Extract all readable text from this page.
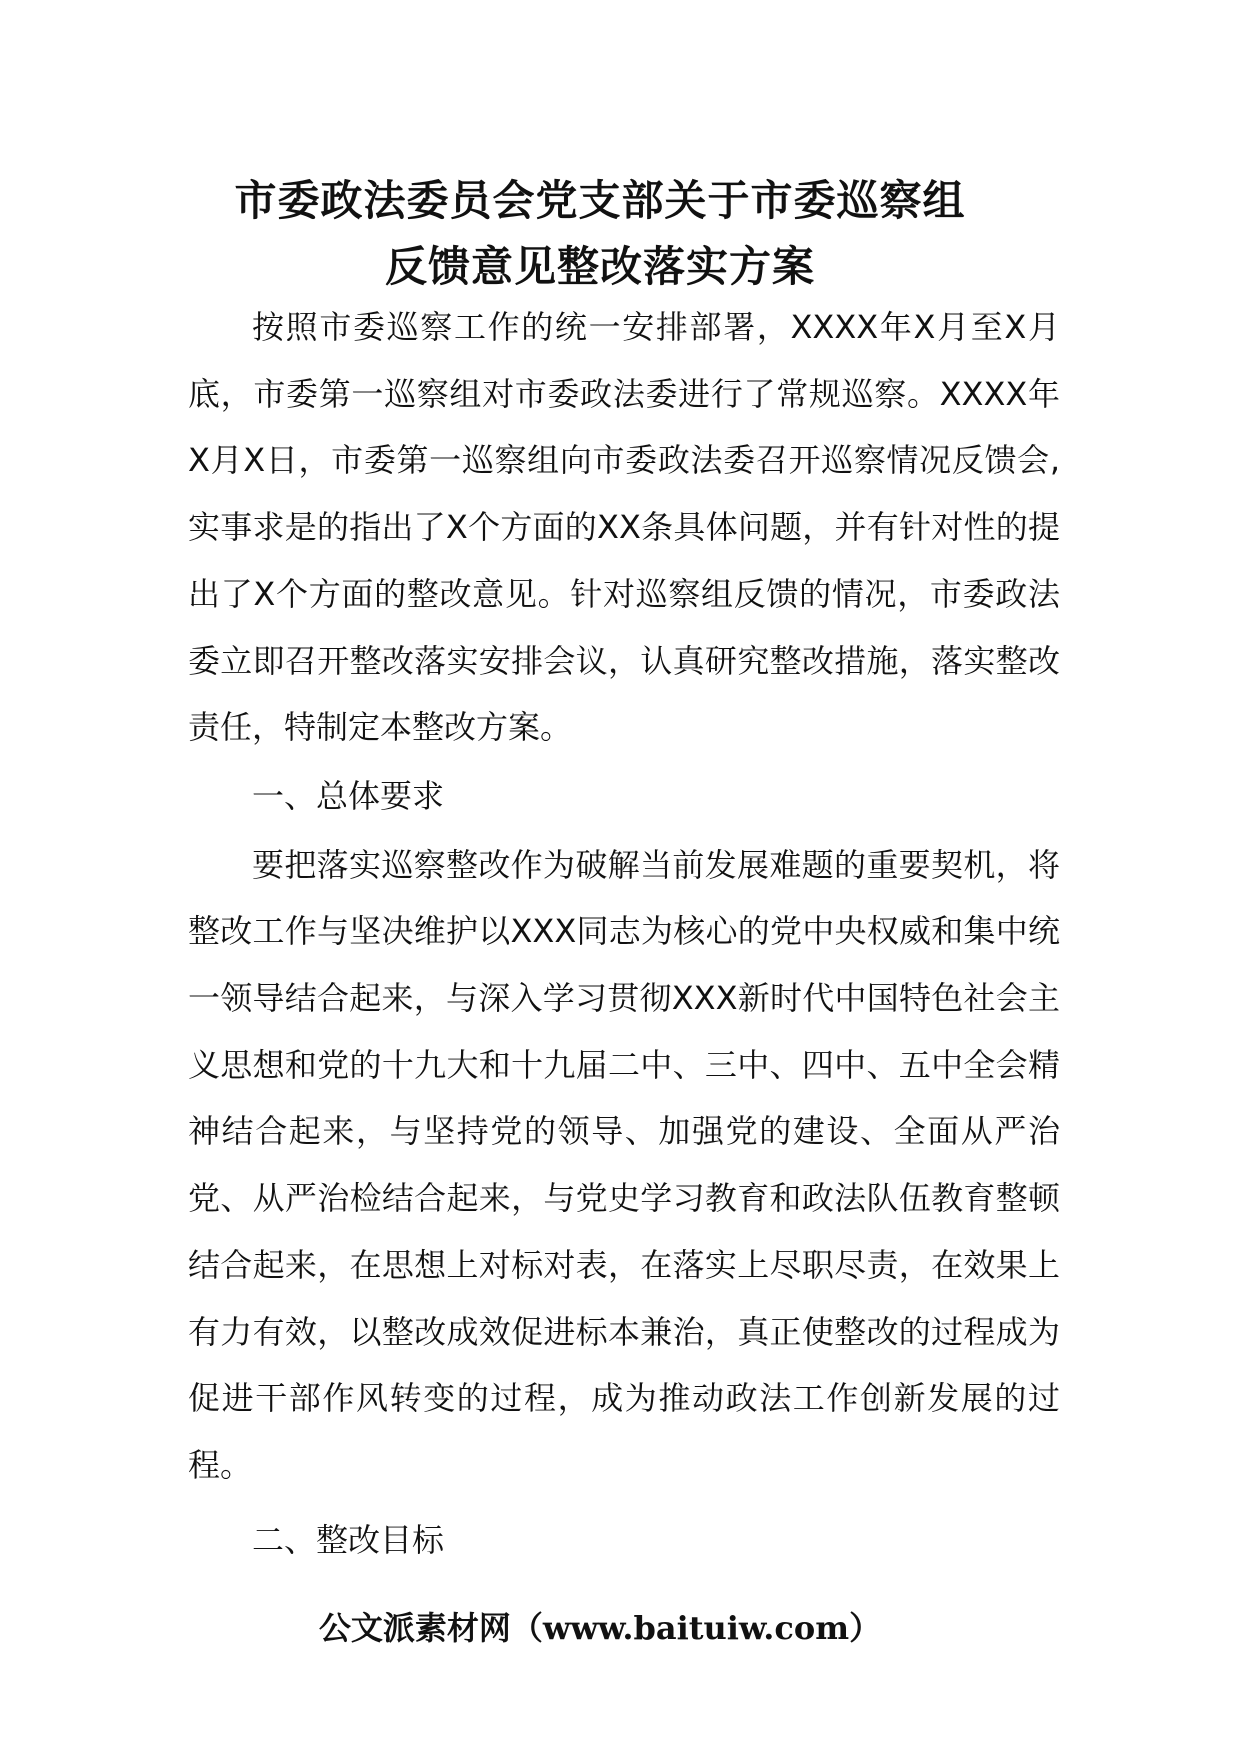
市委政法委员会党支部关于市委巡察组
反馈意见整改落实方案

按照市委巡察工作的统一安排部署，XXXX年X月至X月底，市委第一巡察组对市委政法委进行了常规巡察。XXXX年X月X日，市委第一巡察组向市委政法委召开巡察情况反馈会,实事求是的指出了X个方面的XX条具体问题，并有针对性的提出了X个方面的整改意见。针对巡察组反馈的情况，市委政法委立即召开整改落实安排会议，认真研究整改措施，落实整改责任，特制定本整改方案。

一、总体要求

要把落实巡察整改作为破解当前发展难题的重要契机，将整改工作与坚决维护以XXX同志为核心的党中央权威和集中统一领导结合起来，与深入学习贯彻XXX新时代中国特色社会主义思想和党的十九大和十九届二中、三中、四中、五中全会精神结合起来，与坚持党的领导、加强党的建设、全面从严治党、从严治检结合起来，与党史学习教育和政法队伍教育整顿结合起来，在思想上对标对表，在落实上尽职尽责，在效果上有力有效，以整改成效促进标本兼治，真正使整改的过程成为促进干部作风转变的过程，成为推动政法工作创新发展的过程。

二、整改目标

公文派素材网（www.baituiw.com）
